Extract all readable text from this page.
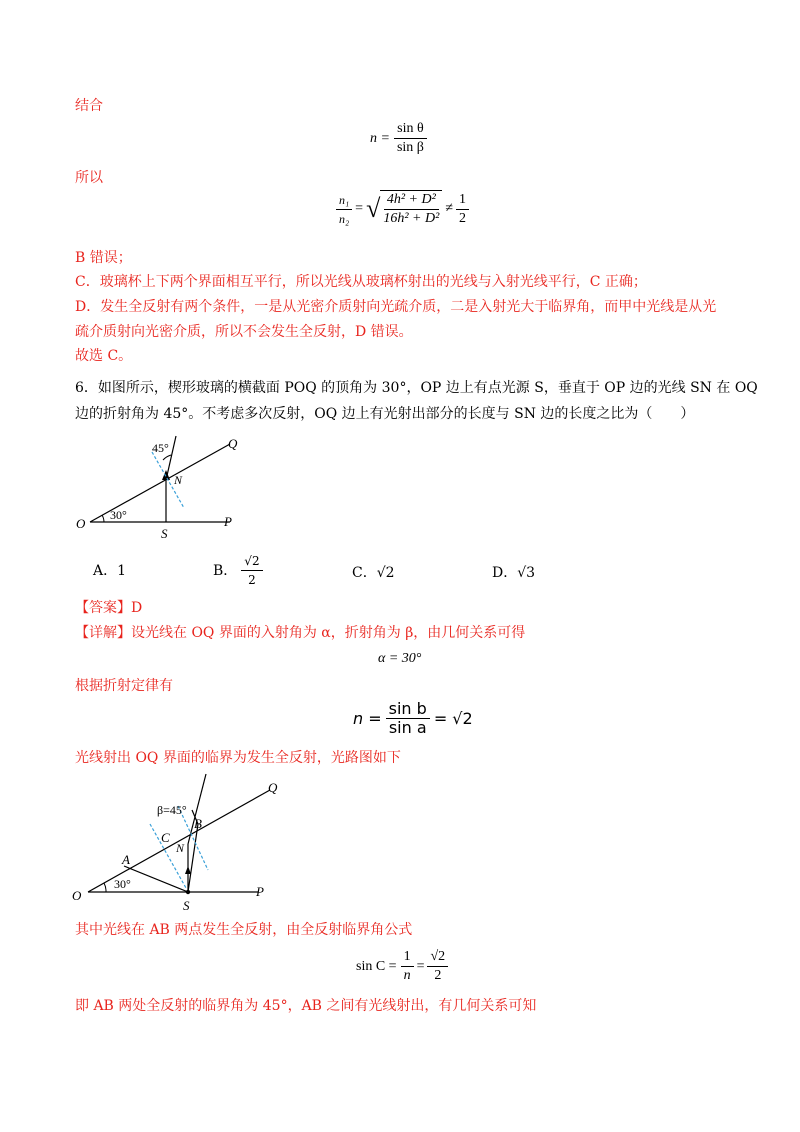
结合
$n = \frac{\text{sin θ}}{\text{sin β}}$
所以
$\frac{\text{n₁}}{\text{n₂}}$ = √ $\frac{\text{4h² + D²}}{\text{16h² + D²}} \ne \frac{1}{2}$
B 错误；
C．玻璃杯上下两个界面相互平行，所以光线从玻璃杯射出的光线与入射光线平行，C 正确；
D．发生全反射有两个条件，一是从光密介质射向光疏介质，二是入射光大于临界角，而甲中光线是从光
疏介质射向光密介质，所以不会发生全反射，D 错误。
故选 C。
6．如图所示，楔形玻璃的横截面 POQ 的顶角为 30°，OP 边上有点光源 S，垂直于 OP 边的光线 SN 在 OQ
边的折射角为 45°。不考虑多次反射，OQ 边上有光射出部分的长度与 SN 边的长度之比为（　　）
O	P
Q
S
N
30°
45°
A．1	B． $\frac{√2}{2}$	C．√2	D．√3
【答案】D
【详解】 设光线在 OQ 界面的入射角为 α，折射角为 β，由几何关系可得
α = 30°
根据折射定律有
$n = \frac{\text{sin b}}{\text{sin a}} = √2$
光线射出 OQ 界面的临界为发生全反射，光路图如下
O	P
Q
S
N
A
B
C
30°
β=45°
其中光线在 AB 两点发生全反射，由全反射临界角公式
$\sin C = \frac{1}{n} = \frac{√2}{2}$
即 AB 两处全反射的临界角为 45°，AB 之间有光线射出，有几何关系可知
